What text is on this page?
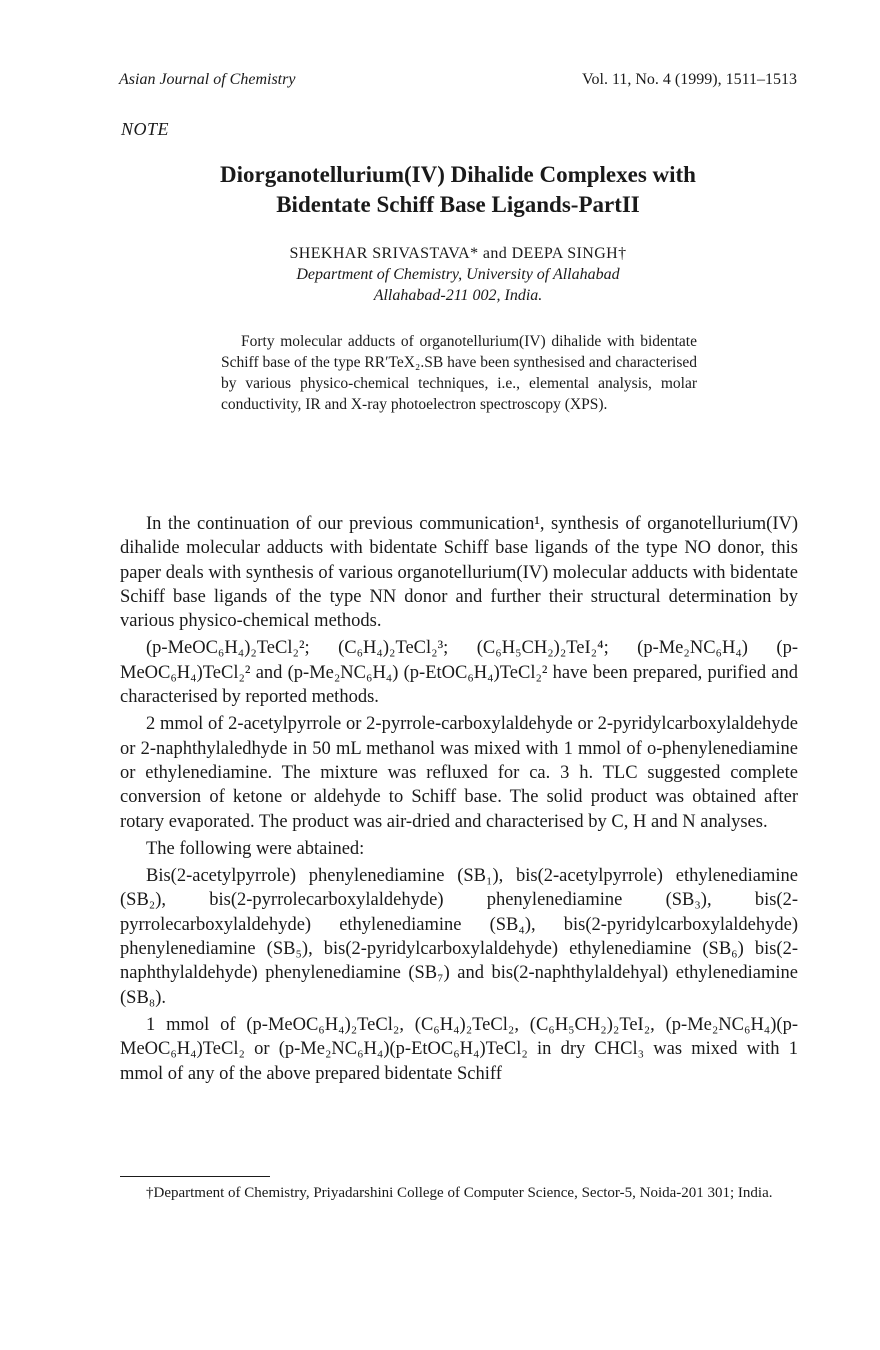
Asian Journal of Chemistry	Vol. 11, No. 4 (1999), 1511–1513
NOTE
Diorganotellurium(IV) Dihalide Complexes with
Bidentate Schiff Base Ligands-PartII
SHEKHAR SRIVASTAVA* and DEEPA SINGH†
Department of Chemistry, University of Allahabad
Allahabad-211 002, India.

Forty molecular adducts of organotellurium(IV) dihalide with bidentate Schiff base of the type RR′TeX₂.SB have been synthesised and characterised by various physico-chemical techniques, i.e., elemental analysis, molar conductivity, IR and X-ray photoelectron spectroscopy (XPS).

In the continuation of our previous communication¹, synthesis of organotellurium(IV) dihalide molecular adducts with bidentate Schiff base ligands of the type NO donor, this paper deals with synthesis of various organotellurium(IV) molecular adducts with bidentate Schiff base ligands of the type NN donor and further their structural determination by various physico-chemical methods.

(p-MeOC₆H₄)₂TeCl₂²; (C₆H₄)₂TeCl₂³; (C₆H₅CH₂)₂TeI₂⁴; (p-Me₂NC₆H₄) (p-MeOC₆H₄)TeCl₂² and (p-Me₂NC₆H₄) (p-EtOC₆H₄)TeCl₂² have been prepared, purified and characterised by reported methods.

2 mmol of 2-acetylpyrrole or 2-pyrrole-carboxylaldehyde or 2-pyridylcarboxylaldehyde or 2-naphthylaledhyde in 50 mL methanol was mixed with 1 mmol of o-phenylenediamine or ethylenediamine. The mixture was refluxed for ca. 3 h. TLC suggested complete conversion of ketone or aldehyde to Schiff base. The solid product was obtained after rotary evaporated. The product was air-dried and characterised by C, H and N analyses.

The following were abtained:

Bis(2-acetylpyrrole) phenylenediamine (SB₁), bis(2-acetylpyrrole) ethylenediamine (SB₂), bis(2-pyrrolecarboxylaldehyde) phenylenediamine (SB₃), bis(2-pyrrolecarboxylaldehyde) ethylenediamine (SB₄), bis(2-pyridylcarboxylaldehyde) phenylenediamine (SB₅), bis(2-pyridylcarboxylaldehyde) ethylenediamine (SB₆) bis(2-naphthylaldehyde) phenylenediamine (SB₇) and bis(2-naphthylaldehyal) ethylenediamine (SB₈).

1 mmol of (p-MeOC₆H₄)₂TeCl₂, (C₆H₄)₂TeCl₂, (C₆H₅CH₂)₂TeI₂, (p-Me₂NC₆H₄)(p-MeOC₆H₄)TeCl₂ or (p-Me₂NC₆H₄)(p-EtOC₆H₄)TeCl₂ in dry CHCl₃ was mixed with 1 mmol of any of the above prepared bidentate Schiff

†Department of Chemistry, Priyadarshini College of Computer Science, Sector-5, Noida-201 301; India.
